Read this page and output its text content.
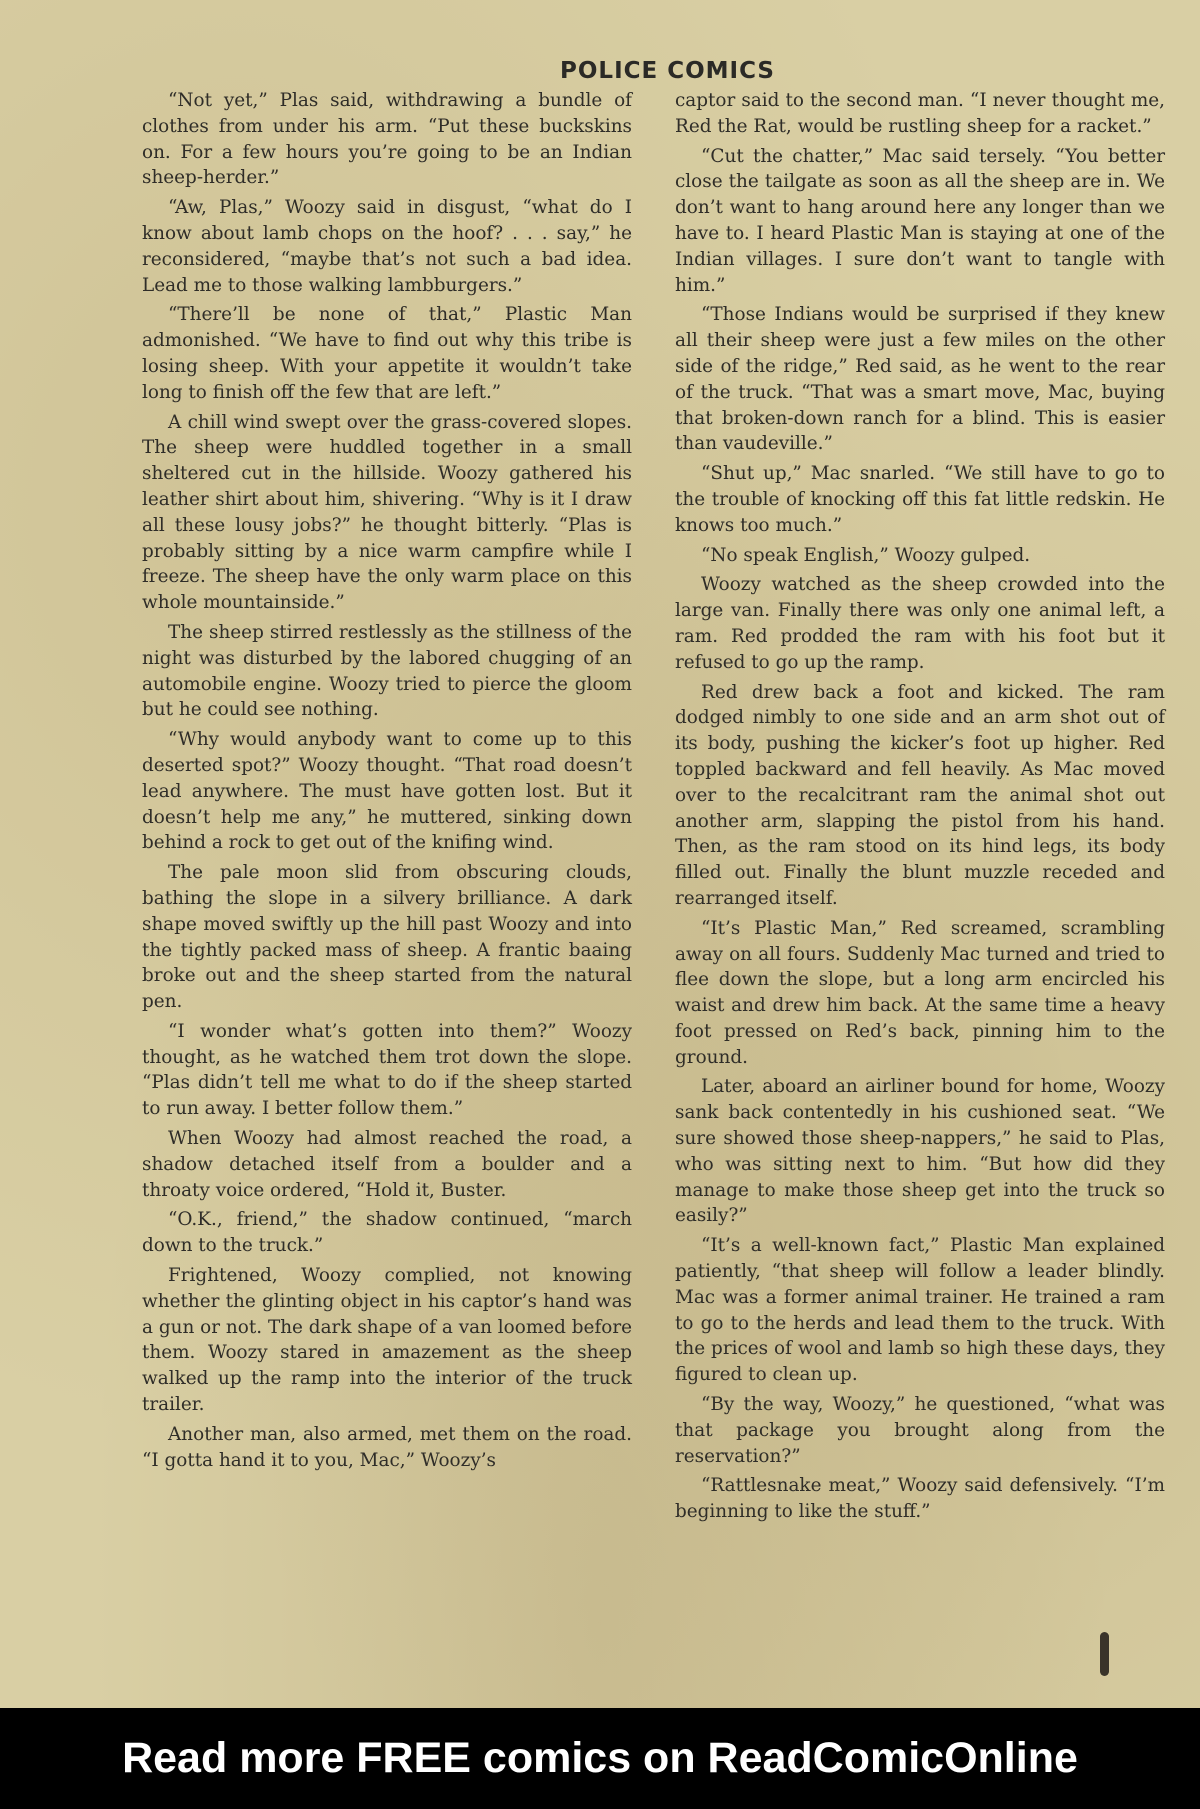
POLICE COMICS

“Not yet,” Plas said, withdrawing a bundle of clothes from under his arm. “Put these buckskins on. For a few hours you’re going to be an Indian sheep-herder.”

“Aw, Plas,” Woozy said in disgust, “what do I know about lamb chops on the hoof? . . . say,” he reconsidered, “maybe that’s not such a bad idea. Lead me to those walking lambburgers.”

“There’ll be none of that,” Plastic Man admonished. “We have to find out why this tribe is losing sheep. With your appetite it wouldn’t take long to finish off the few that are left.”

A chill wind swept over the grass-covered slopes. The sheep were huddled together in a small sheltered cut in the hillside. Woozy gathered his leather shirt about him, shivering. “Why is it I draw all these lousy jobs?” he thought bitterly. “Plas is probably sitting by a nice warm campfire while I freeze. The sheep have the only warm place on this whole mountainside.”

The sheep stirred restlessly as the stillness of the night was disturbed by the labored chugging of an automobile engine. Woozy tried to pierce the gloom but he could see nothing.

“Why would anybody want to come up to this deserted spot?” Woozy thought. “That road doesn’t lead anywhere. The must have gotten lost. But it doesn’t help me any,” he muttered, sinking down behind a rock to get out of the knifing wind.

The pale moon slid from obscuring clouds, bathing the slope in a silvery brilliance. A dark shape moved swiftly up the hill past Woozy and into the tightly packed mass of sheep. A frantic baaing broke out and the sheep started from the natural pen.

“I wonder what’s gotten into them?” Woozy thought, as he watched them trot down the slope. “Plas didn’t tell me what to do if the sheep started to run away. I better follow them.”

When Woozy had almost reached the road, a shadow detached itself from a boulder and a throaty voice ordered, “Hold it, Buster.

“O.K., friend,” the shadow continued, “march down to the truck.”

Frightened, Woozy complied, not knowing whether the glinting object in his captor’s hand was a gun or not. The dark shape of a van loomed before them. Woozy stared in amazement as the sheep walked up the ramp into the interior of the truck trailer.

Another man, also armed, met them on the road. “I gotta hand it to you, Mac,” Woozy’s

captor said to the second man. “I never thought me, Red the Rat, would be rustling sheep for a racket.”

“Cut the chatter,” Mac said tersely. “You better close the tailgate as soon as all the sheep are in. We don’t want to hang around here any longer than we have to. I heard Plastic Man is staying at one of the Indian villages. I sure don’t want to tangle with him.”

“Those Indians would be surprised if they knew all their sheep were just a few miles on the other side of the ridge,” Red said, as he went to the rear of the truck. “That was a smart move, Mac, buying that broken-down ranch for a blind. This is easier than vaudeville.”

“Shut up,” Mac snarled. “We still have to go to the trouble of knocking off this fat little redskin. He knows too much.”

“No speak English,” Woozy gulped.

Woozy watched as the sheep crowded into the large van. Finally there was only one animal left, a ram. Red prodded the ram with his foot but it refused to go up the ramp.

Red drew back a foot and kicked. The ram dodged nimbly to one side and an arm shot out of its body, pushing the kicker’s foot up higher. Red toppled backward and fell heavily. As Mac moved over to the recalcitrant ram the animal shot out another arm, slapping the pistol from his hand. Then, as the ram stood on its hind legs, its body filled out. Finally the blunt muzzle receded and rearranged itself.

“It’s Plastic Man,” Red screamed, scrambling away on all fours. Suddenly Mac turned and tried to flee down the slope, but a long arm encircled his waist and drew him back. At the same time a heavy foot pressed on Red’s back, pinning him to the ground.

Later, aboard an airliner bound for home, Woozy sank back contentedly in his cushioned seat. “We sure showed those sheep-nappers,” he said to Plas, who was sitting next to him. “But how did they manage to make those sheep get into the truck so easily?”

“It’s a well-known fact,” Plastic Man explained patiently, “that sheep will follow a leader blindly. Mac was a former animal trainer. He trained a ram to go to the herds and lead them to the truck. With the prices of wool and lamb so high these days, they figured to clean up.

“By the way, Woozy,” he questioned, “what was that package you brought along from the reservation?”

“Rattlesnake meat,” Woozy said defensively. “I’m beginning to like the stuff.”

Read more FREE comics on ReadComicOnline
